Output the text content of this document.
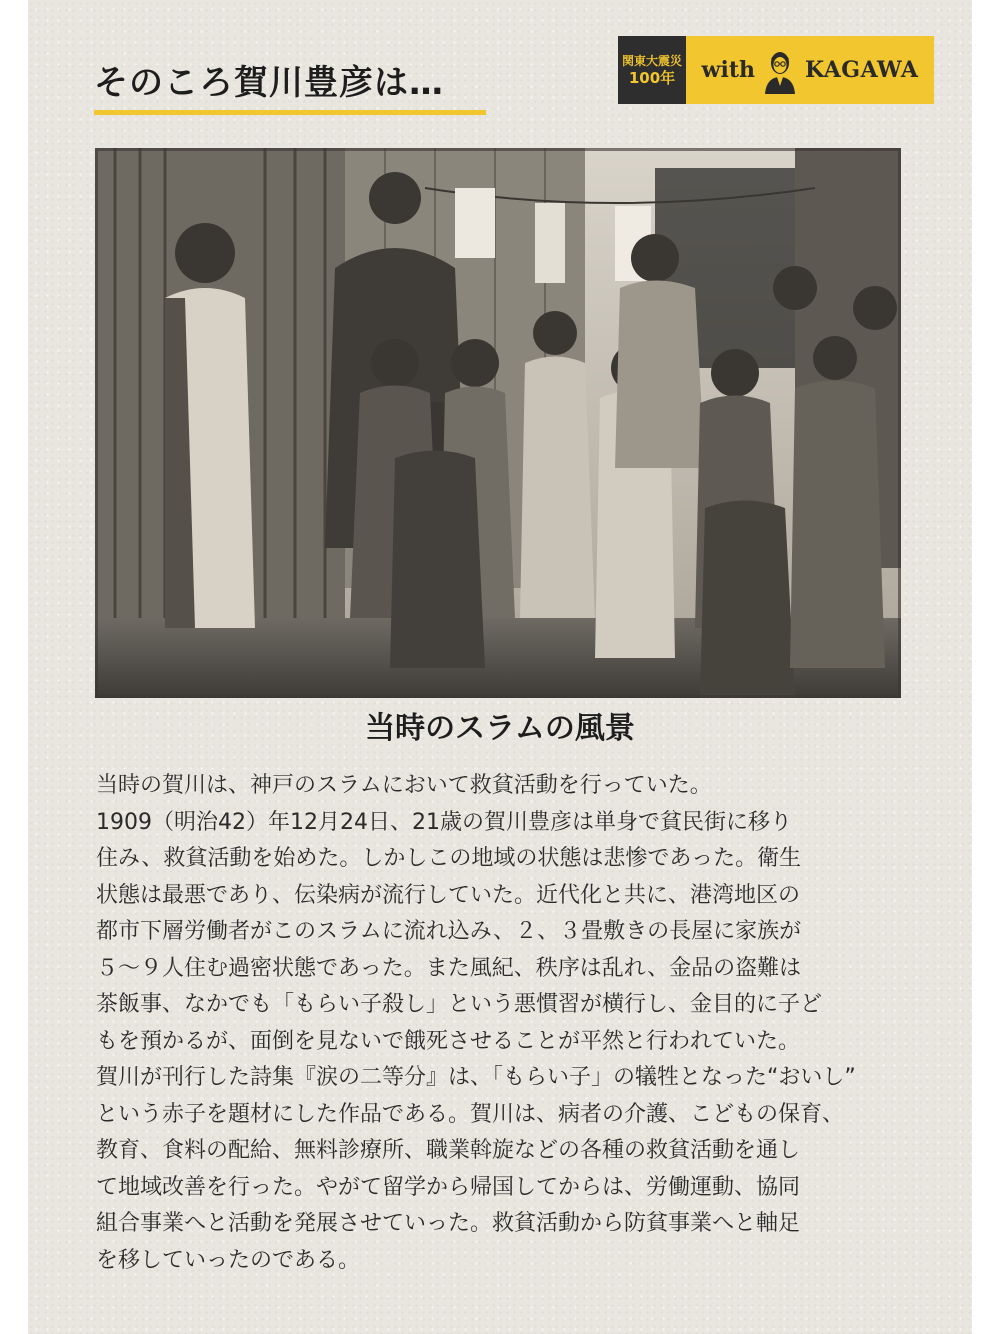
そのころ賀川豊彦は…
関東大震災
100年 with KAGAWA
当時のスラムの風景
当時の賀川は、神戸のスラムにおいて救貧活動を行っていた。
1909（明治42）年12月24日、21歳の賀川豊彦は単身で貧民街に移り
住み、救貧活動を始めた。しかしこの地域の状態は悲惨であった。衛生
状態は最悪であり、伝染病が流行していた。近代化と共に、港湾地区の
都市下層労働者がこのスラムに流れ込み、２、３畳敷きの長屋に家族が
５～９人住む過密状態であった。また風紀、秩序は乱れ、金品の盗難は
茶飯事、なかでも「もらい子殺し」という悪慣習が横行し、金目的に子ど
もを預かるが、面倒を見ないで餓死させることが平然と行われていた。
賀川が刊行した詩集『涙の二等分』は、「もらい子」の犠牲となった“おいし”
という赤子を題材にした作品である。賀川は、病者の介護、こどもの保育、
教育、食料の配給、無料診療所、職業斡旋などの各種の救貧活動を通し
て地域改善を行った。やがて留学から帰国してからは、労働運動、協同
組合事業へと活動を発展させていった。救貧活動から防貧事業へと軸足
を移していったのである。
